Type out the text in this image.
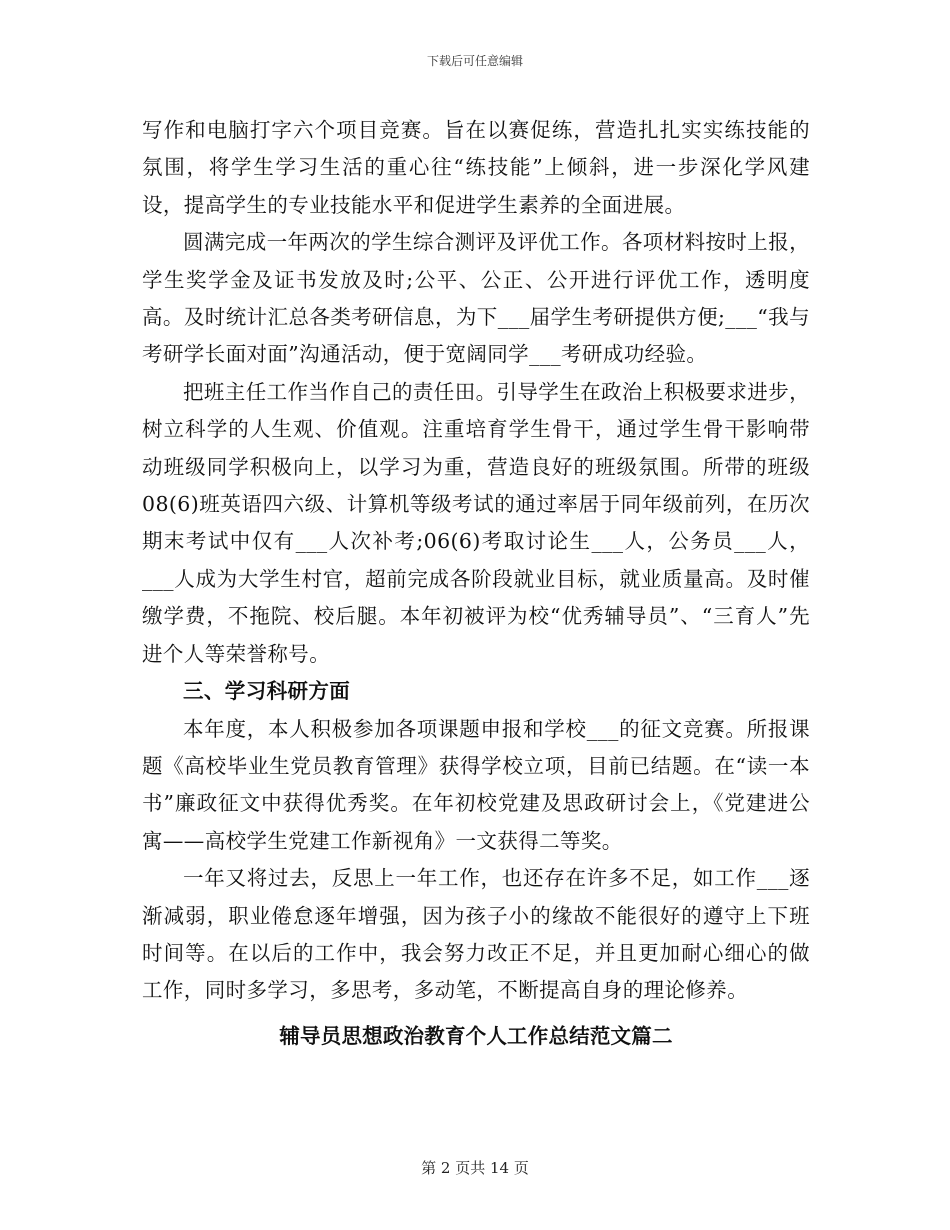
下载后可任意编辑

写作和电脑打字六个项目竞赛。旨在以赛促练，营造扎扎实实练技能的氛围，将学生学习生活的重心往“练技能”上倾斜，进一步深化学风建设，提高学生的专业技能水平和促进学生素养的全面进展。

圆满完成一年两次的学生综合测评及评优工作。各项材料按时上报，学生奖学金及证书发放及时;公平、公正、公开进行评优工作，透明度高。及时统计汇总各类考研信息，为下___届学生考研提供方便;___“我与考研学长面对面”沟通活动，便于宽阔同学___考研成功经验。

把班主任工作当作自己的责任田。引导学生在政治上积极要求进步，树立科学的人生观、价值观。注重培育学生骨干，通过学生骨干影响带动班级同学积极向上，以学习为重，营造良好的班级氛围。所带的班级08(6)班英语四六级、计算机等级考试的通过率居于同年级前列，在历次期末考试中仅有___人次补考;06(6)考取讨论生___人，公务员___人，___人成为大学生村官，超前完成各阶段就业目标，就业质量高。及时催缴学费，不拖院、校后腿。本年初被评为校“优秀辅导员”、“三育人”先进个人等荣誉称号。

三、学习科研方面

本年度，本人积极参加各项课题申报和学校___的征文竞赛。所报课题《高校毕业生党员教育管理》获得学校立项，目前已结题。在“读一本书”廉政征文中获得优秀奖。在年初校党建及思政研讨会上，《党建进公寓——高校学生党建工作新视角》一文获得二等奖。

一年又将过去，反思上一年工作，也还存在许多不足，如工作___逐渐减弱，职业倦怠逐年增强，因为孩子小的缘故不能很好的遵守上下班时间等。在以后的工作中，我会努力改正不足，并且更加耐心细心的做工作，同时多学习，多思考，多动笔，不断提高自身的理论修养。

辅导员思想政治教育个人工作总结范文篇二

第 2 页共 14 页
